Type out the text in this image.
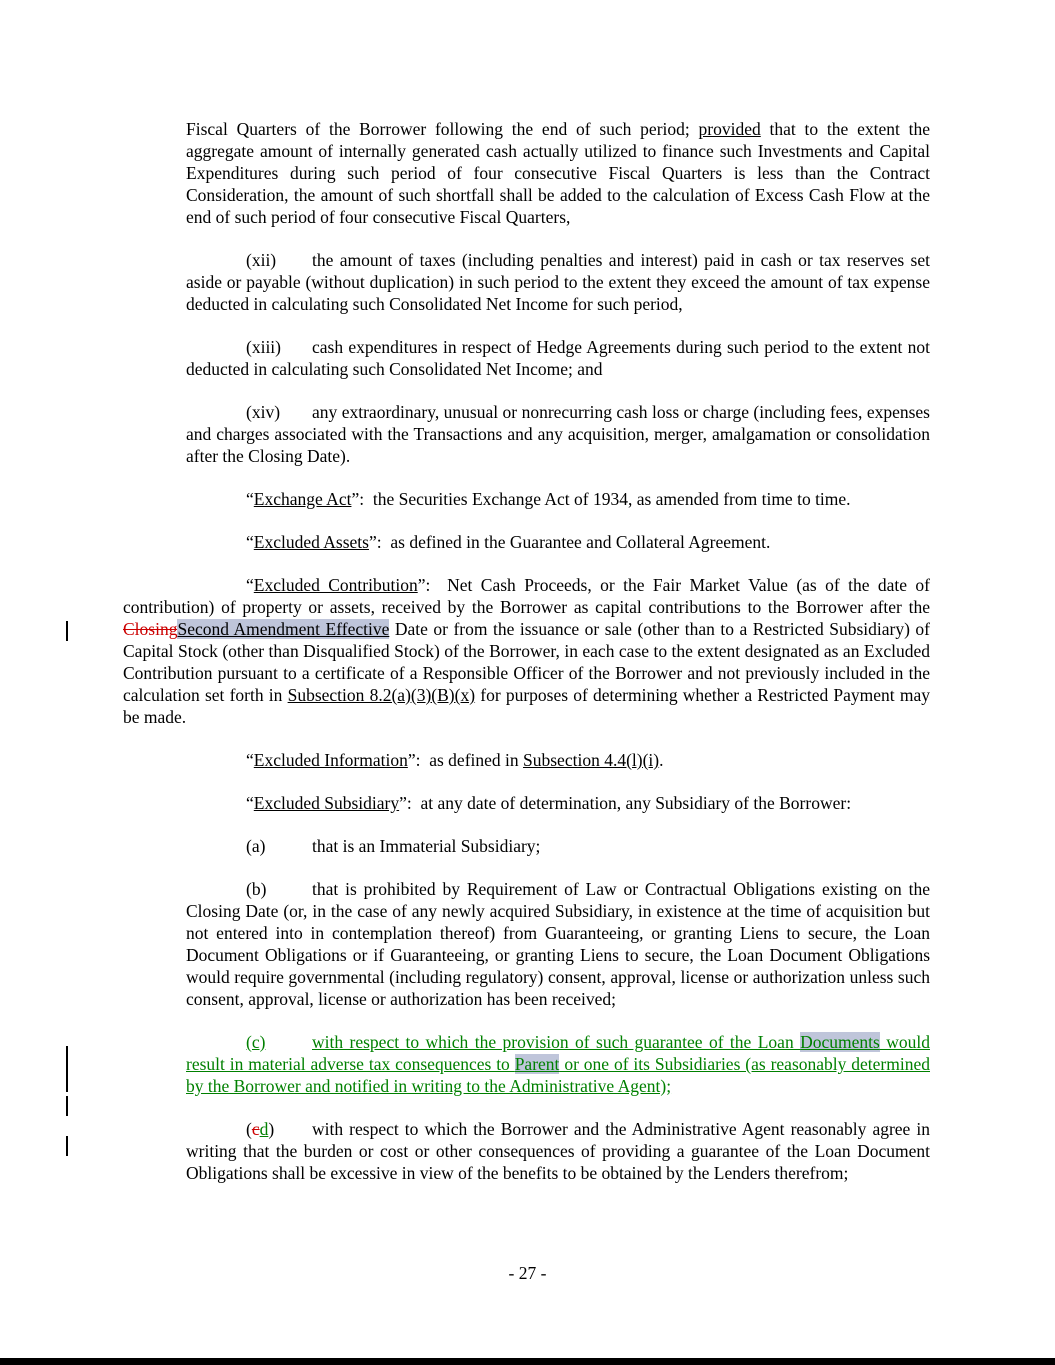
Fiscal Quarters of the Borrower following the end of such period; provided that to the extent the aggregate amount of internally generated cash actually utilized to finance such Investments and Capital Expenditures during such period of four consecutive Fiscal Quarters is less than the Contract Consideration, the amount of such shortfall shall be added to the calculation of Excess Cash Flow at the end of such period of four consecutive Fiscal Quarters,

(xii) the amount of taxes (including penalties and interest) paid in cash or tax reserves set aside or payable (without duplication) in such period to the extent they exceed the amount of tax expense deducted in calculating such Consolidated Net Income for such period,

(xiii) cash expenditures in respect of Hedge Agreements during such period to the extent not deducted in calculating such Consolidated Net Income; and

(xiv) any extraordinary, unusual or nonrecurring cash loss or charge (including fees, expenses and charges associated with the Transactions and any acquisition, merger, amalgamation or consolidation after the Closing Date).

“Exchange Act”:  the Securities Exchange Act of 1934, as amended from time to time.

“Excluded Assets”:  as defined in the Guarantee and Collateral Agreement.

“Excluded Contribution”:  Net Cash Proceeds, or the Fair Market Value (as of the date of contribution) of property or assets, received by the Borrower as capital contributions to the Borrower after the ClosingSecond Amendment Effective Date or from the issuance or sale (other than to a Restricted Subsidiary) of Capital Stock (other than Disqualified Stock) of the Borrower, in each case to the extent designated as an Excluded Contribution pursuant to a certificate of a Responsible Officer of the Borrower and not previously included in the calculation set forth in Subsection 8.2(a)(3)(B)(x) for purposes of determining whether a Restricted Payment may be made.

“Excluded Information”:  as defined in Subsection 4.4(l)(i).

“Excluded Subsidiary”:  at any date of determination, any Subsidiary of the Borrower:

(a)	that is an Immaterial Subsidiary;

(b)	that is prohibited by Requirement of Law or Contractual Obligations existing on the Closing Date (or, in the case of any newly acquired Subsidiary, in existence at the time of acquisition but not entered into in contemplation thereof) from Guaranteeing, or granting Liens to secure, the Loan Document Obligations or if Guaranteeing, or granting Liens to secure, the Loan Document Obligations would require governmental (including regulatory) consent, approval, license or authorization unless such consent, approval, license or authorization has been received;

(c)	with respect to which the provision of such guarantee of the Loan Documents would result in material adverse tax consequences to Parent or one of its Subsidiaries (as reasonably determined by the Borrower and notified in writing to the Administrative Agent);

(cd) with respect to which the Borrower and the Administrative Agent reasonably agree in writing that the burden or cost or other consequences of providing a guarantee of the Loan Document Obligations shall be excessive in view of the benefits to be obtained by the Lenders therefrom;

- 27 -
